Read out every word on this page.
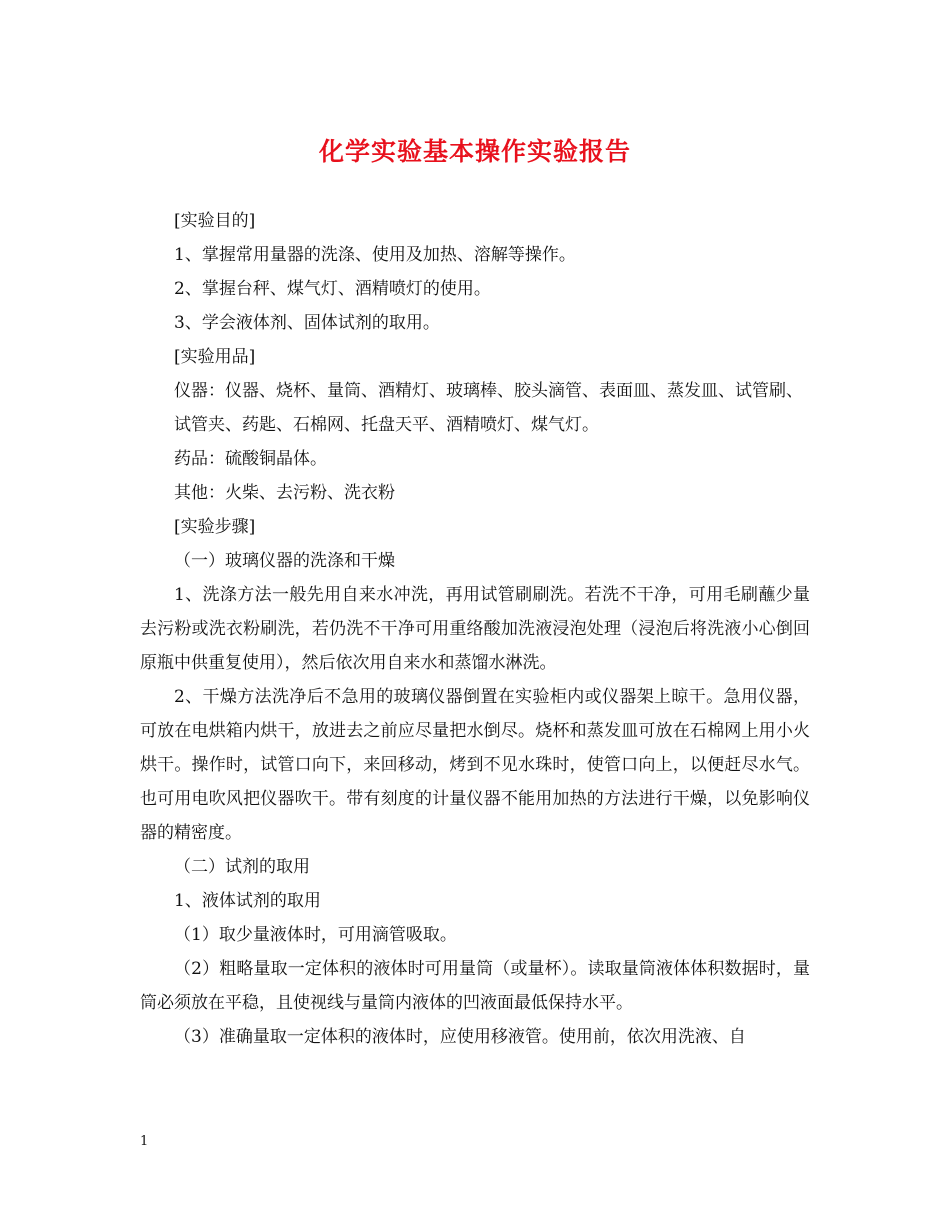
化学实验基本操作实验报告

[实验目的]

1、掌握常用量器的洗涤、使用及加热、溶解等操作。

2、掌握台秤、煤气灯、酒精喷灯的使用。

3、学会液体剂、固体试剂的取用。

[实验用品]

仪器：仪器、烧杯、量筒、酒精灯、玻璃棒、胶头滴管、表面皿、蒸发皿、试管刷、

试管夹、药匙、石棉网、托盘天平、酒精喷灯、煤气灯。

药品：硫酸铜晶体。

其他：火柴、去污粉、洗衣粉

[实验步骤]

（一）玻璃仪器的洗涤和干燥

1、洗涤方法一般先用自来水冲洗，再用试管刷刷洗。若洗不干净，可用毛刷蘸少量去污粉或洗衣粉刷洗，若仍洗不干净可用重络酸加洗液浸泡处理（浸泡后将洗液小心倒回原瓶中供重复使用），然后依次用自来水和蒸馏水淋洗。

2、干燥方法洗净后不急用的玻璃仪器倒置在实验柜内或仪器架上晾干。急用仪器，可放在电烘箱内烘干，放进去之前应尽量把水倒尽。烧杯和蒸发皿可放在石棉网上用小火烘干。操作时，试管口向下，来回移动，烤到不见水珠时，使管口向上，以便赶尽水气。也可用电吹风把仪器吹干。带有刻度的计量仪器不能用加热的方法进行干燥，以免影响仪器的精密度。

（二）试剂的取用

1、液体试剂的取用

（1）取少量液体时，可用滴管吸取。

（2）粗略量取一定体积的液体时可用量筒（或量杯）。读取量筒液体体积数据时，量筒必须放在平稳，且使视线与量筒内液体的凹液面最低保持水平。

（3）准确量取一定体积的液体时，应使用移液管。使用前，依次用洗液、自

1
